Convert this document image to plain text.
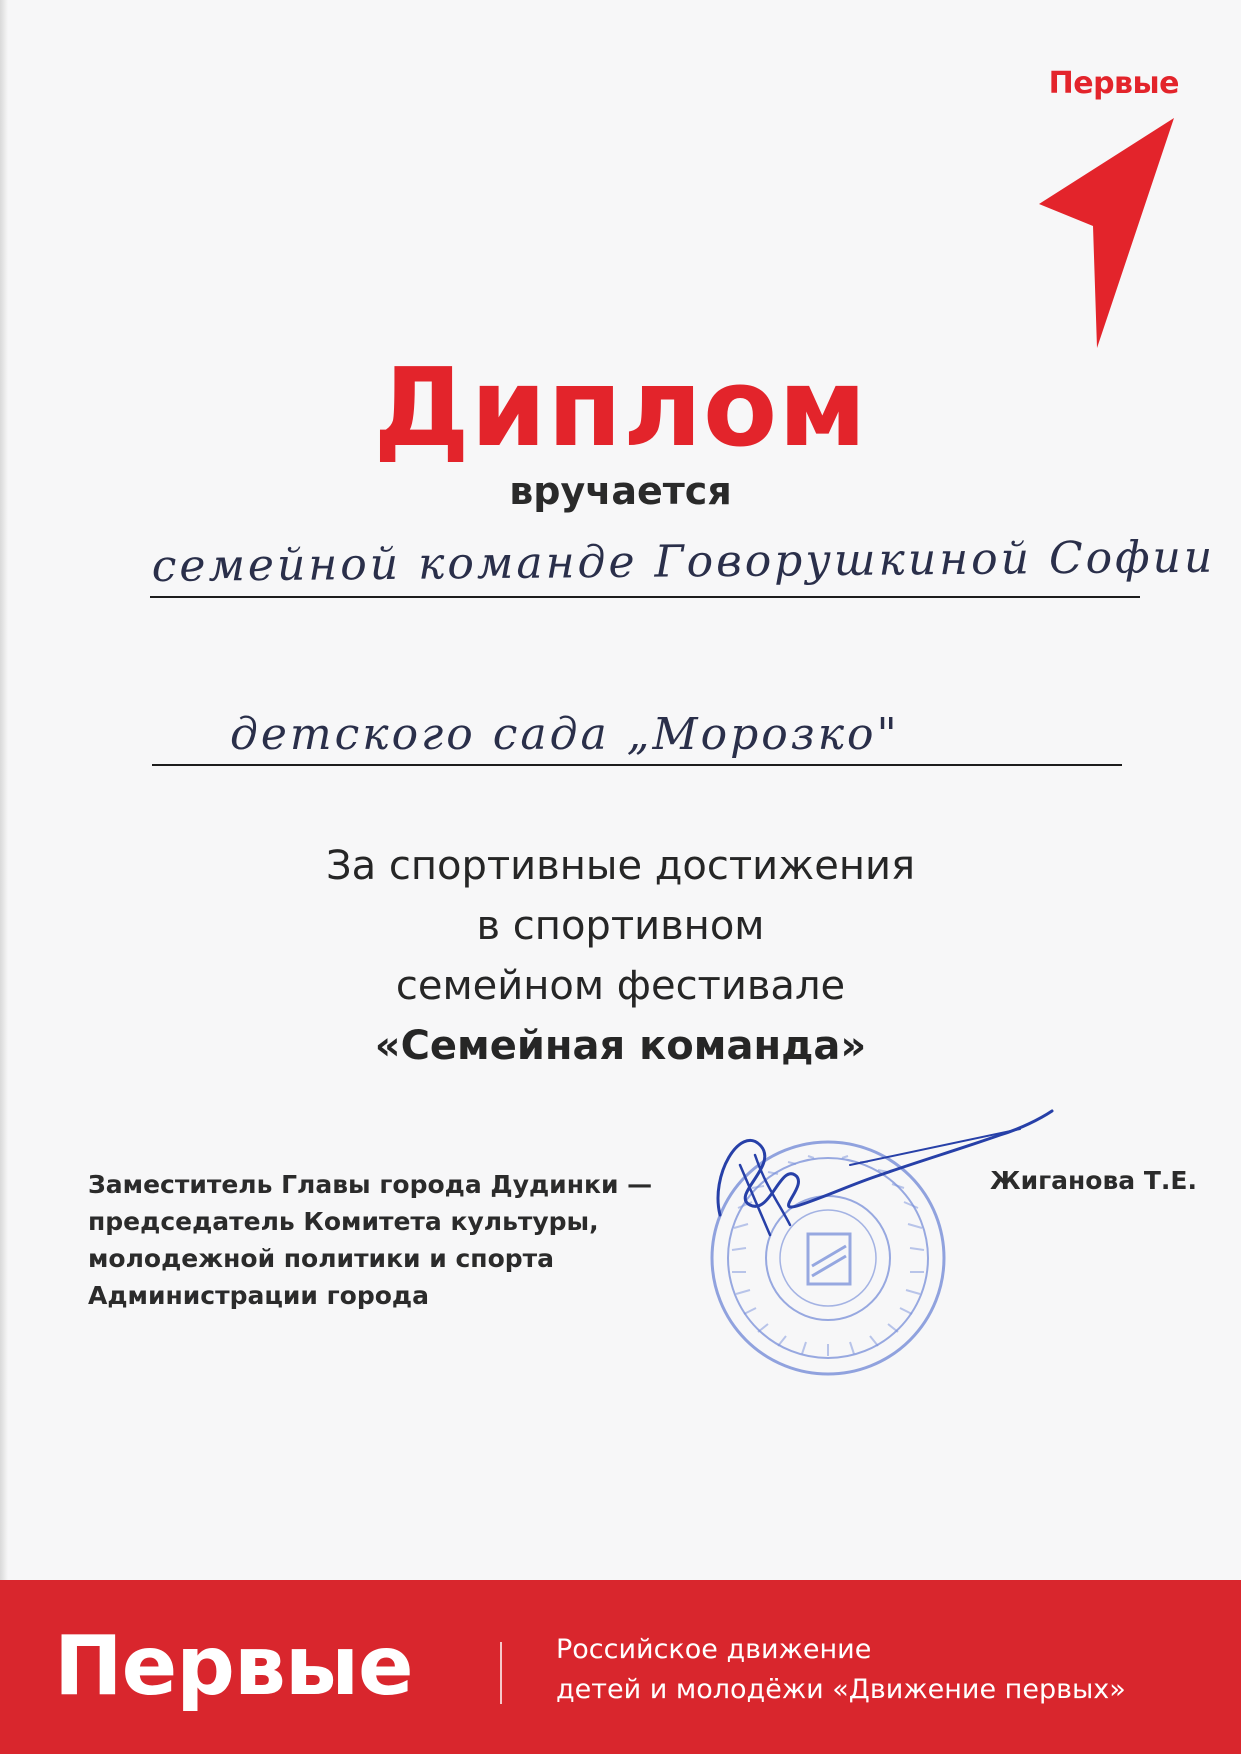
Первые
Диплом
вручается
семейной команде Говорушкиной Софии
детского сада „Морозко"
За спортивные достижения
в спортивном
семейном фестивале
«Семейная команда»
Заместитель Главы города Дудинки —
председатель Комитета культуры,
молодежной политики и спорта
Администрации города
Жиганова Т.Е.
Первые	Российское движение
детей и молодёжи «Движение первых»
